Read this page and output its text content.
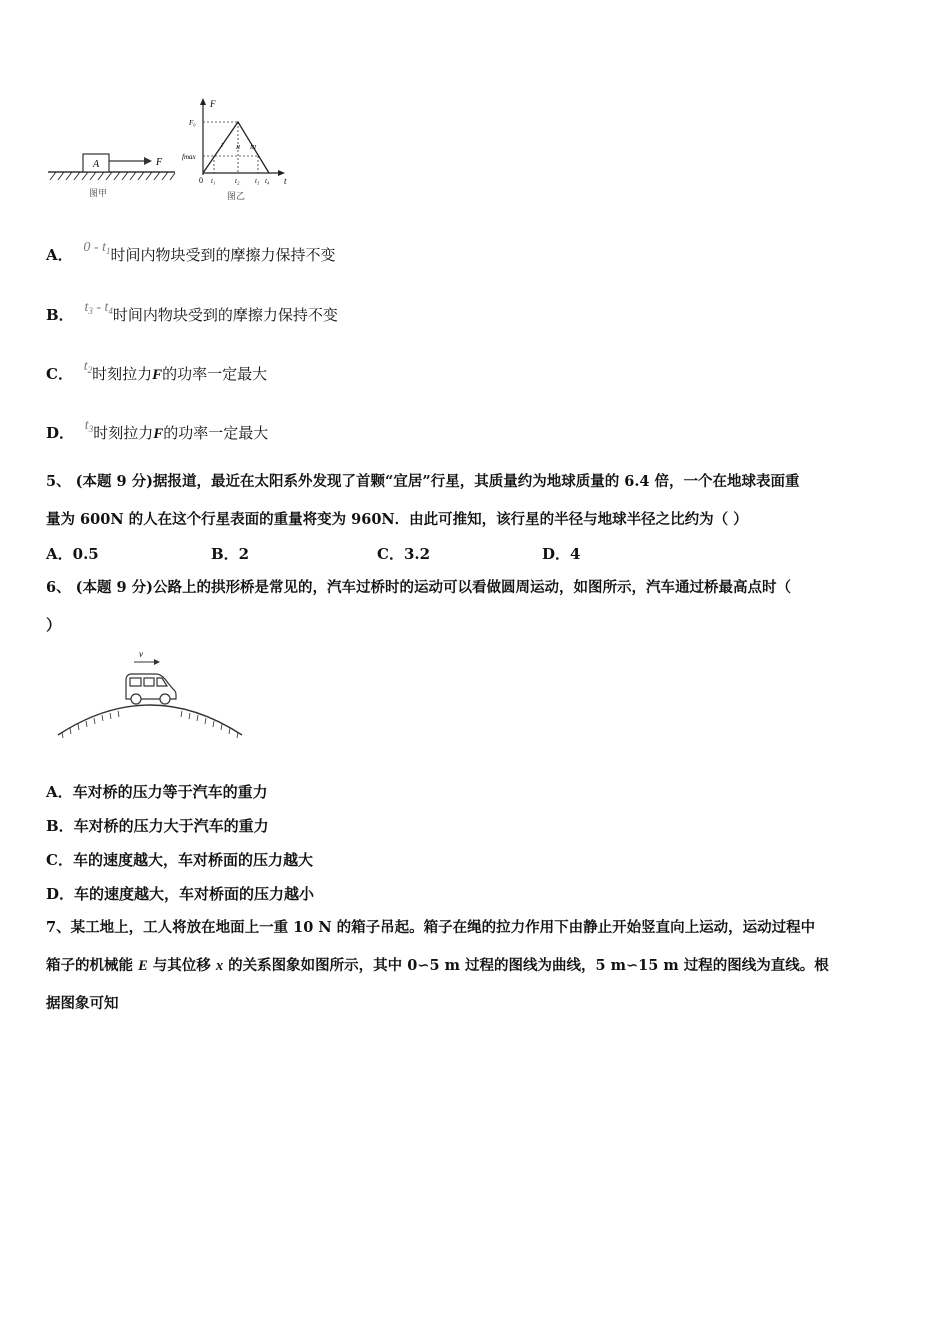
A	F
图甲
F
t
F₀
fmax
0
I II III
t₁	t₂ t₃ t₄
图乙
A． $0 - t_1$时间内物块受到的摩擦力保持不变
B． $t_3 - t_4$时间内物块受到的摩擦力保持不变
C． $t_2$时刻拉力F的功率一定最大
D． $t_3$时刻拉力F的功率一定最大
5、 (本题 9 分)据报道，最近在太阳系外发现了首颗“宜居”行星，其质量约为地球质量的 6.4 倍，一个在地球表面重
量为 600N 的人在这个行星表面的重量将变为 960N．由此可推知，该行星的半径与地球半径之比约为（ ）
A．0.5	B．2	C．3.2	D．4
6、 (本题 9 分)公路上的拱形桥是常见的，汽车过桥时的运动可以看做圆周运动，如图所示，汽车通过桥最高点时（
）
v
A．车对桥的压力等于汽车的重力
B．车对桥的压力大于汽车的重力
C．车的速度越大，车对桥面的压力越大
D．车的速度越大，车对桥面的压力越小
7、某工地上，工人将放在地面上一重 10 N 的箱子吊起。箱子在绳的拉力作用下由静止开始竖直向上运动，运动过程中
箱子的机械能 E 与其位移 x 的关系图象如图所示，其中 0∽5 m 过程的图线为曲线，5 m∽15 m 过程的图线为直线。根
据图象可知
